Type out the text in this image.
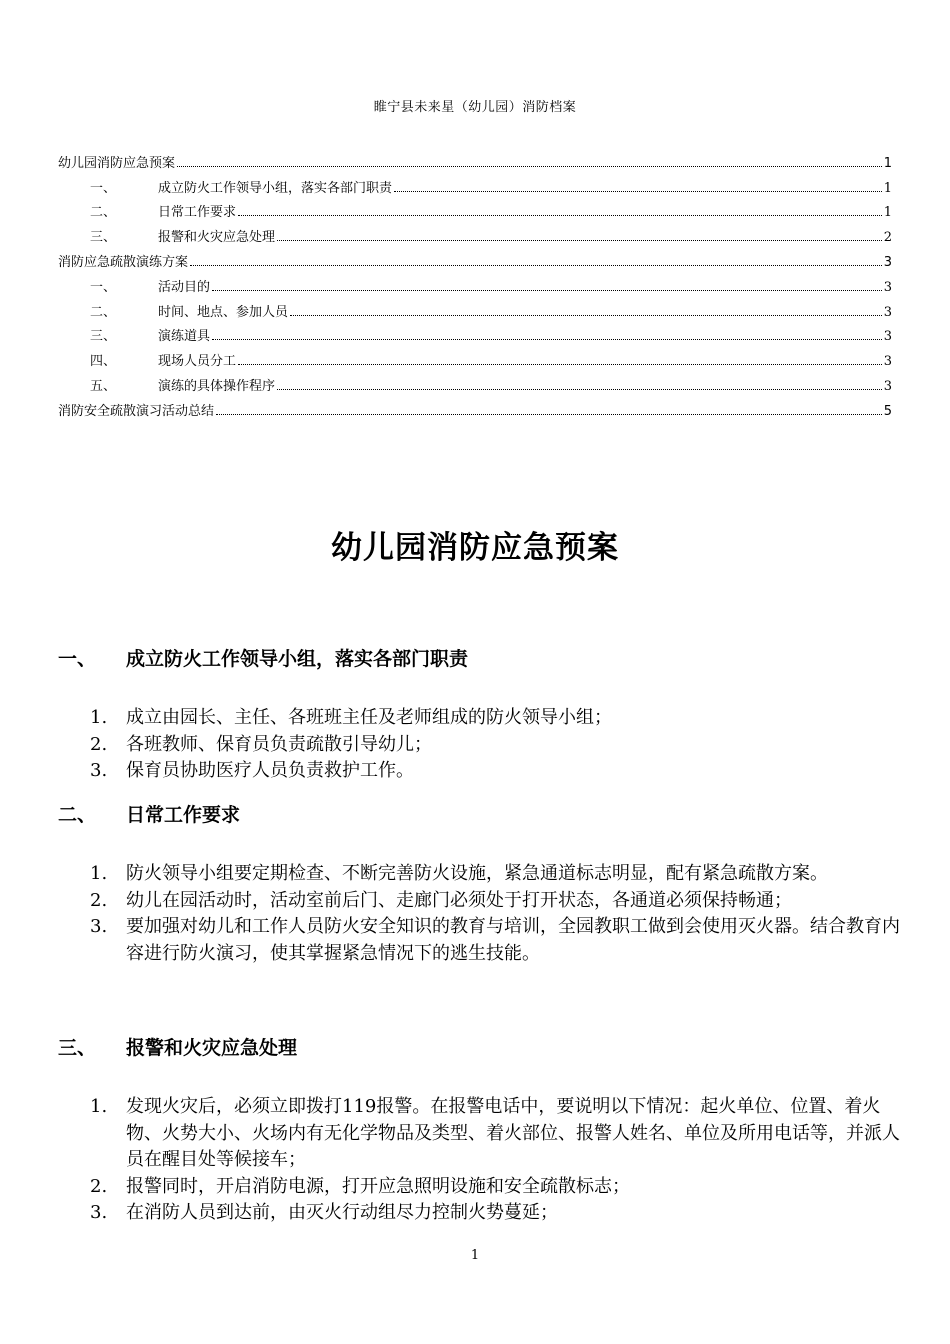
睢宁县未来星（幼儿园）消防档案
幼儿园消防应急预案	1
一、	成立防火工作领导小组，落实各部门职责	1
二、	日常工作要求	1
三、	报警和火灾应急处理	2
消防应急疏散演练方案	3
一、	活动目的	3
二、	时间、地点、参加人员	3
三、	演练道具	3
四、	现场人员分工	3
五、	演练的具体操作程序	3
消防安全疏散演习活动总结	5
幼儿园消防应急预案
一、	成立防火工作领导小组，落实各部门职责
1.	成立由园长、主任、各班班主任及老师组成的防火领导小组；
2.	各班教师、保育员负责疏散引导幼儿；
3.	保育员协助医疗人员负责救护工作。
二、	日常工作要求
1.	防火领导小组要定期检查、不断完善防火设施，紧急通道标志明显，配有紧急疏散方案。
2.	幼儿在园活动时，活动室前后门、走廊门必须处于打开状态，各通道必须保持畅通；
3.	要加强对幼儿和工作人员防火安全知识的教育与培训，全园教职工做到会使用灭火器。结合教育内容进行防火演习，使其掌握紧急情况下的逃生技能。
三、	报警和火灾应急处理
1.	发现火灾后，必须立即拨打119报警。在报警电话中，要说明以下情况：起火单位、位置、着火物、火势大小、火场内有无化学物品及类型、着火部位、报警人姓名、单位及所用电话等，并派人员在醒目处等候接车；
2.	报警同时，开启消防电源，打开应急照明设施和安全疏散标志；
3.	在消防人员到达前，由灭火行动组尽力控制火势蔓延；
1
